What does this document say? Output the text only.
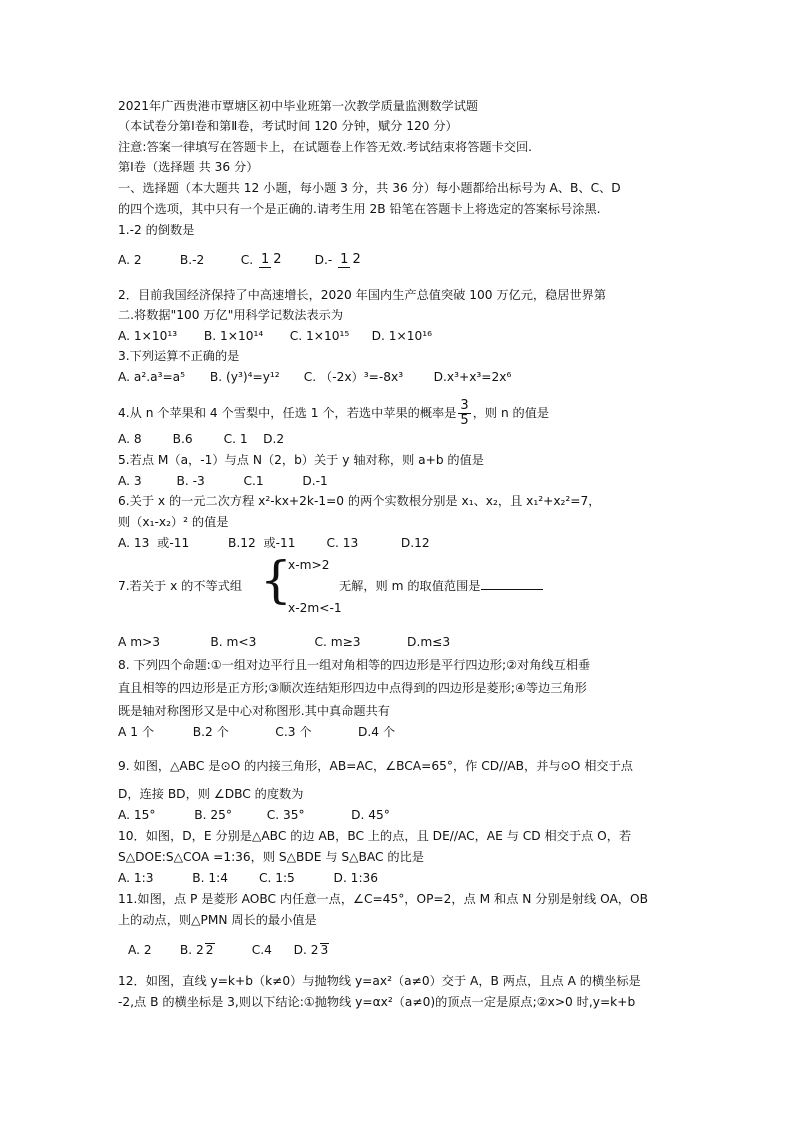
2021年广西贵港市覃塘区初中毕业班第一次教学质量监测数学试题
（本试卷分第Ⅰ卷和第Ⅱ卷，考试时间 120 分钟，赋分 120 分）
注意:答案一律填写在答题卡上，在试题卷上作答无效.考试结束将答题卡交回.
第Ⅰ卷（选择题 共 36 分）
一、选择题（本大题共 12 小题，每小题 3 分，共 36 分）每小题都给出标号为 A、B、C、D
的四个选项，其中只有一个是正确的.请考生用 2B 铅笔在答题卡上将选定的答案标号涂黑.
1.-2 的倒数是
A. 2	B.-2	C. 1 2	D.- 1 2
2．目前我国经济保持了中高速增长，2020 年国内生产总值突破 100 万亿元，稳居世界第
二.将数据"100 万亿"用科学记数法表示为
A. 1×10¹³ B. 1×10¹⁴ C. 1×10¹⁵ D. 1×10¹⁶
3.下列运算不正确的是
A. a².a³=a⁵ B. (y³)⁴=y¹² C. （-2x）³=-8x³	D.x³+x³=2x⁶
4.从 n 个苹果和 4 个雪梨中，任选 1 个，若选中苹果的概率是 $\frac{3}{5}$ ，则 n 的值是
A. 8        B.6        C. 1    D.2
5.若点 M（a，-1）与点 N（2，b）关于 y 轴对称，则 a+b 的值是
A. 3         B. -3          C.1          D.-1
6.关于 x 的一元二次方程 x²-kx+2k-1=0 的两个实数根分别是 x₁、x₂，且 x₁²+x₂²=7，
则（x₁-x₂）² 的值是
A. 13  或-11          B.12  或-11        C. 13           D.12
7.若关于 x 的不等式组 {
x-m>2
x-2m<-1
无解，则 m 的取值范围是
A m>3             B. m<3               C. m≥3            D.m≤3
8. 下列四个命题:①一组对边平行且一组对角相等的四边形是平行四边形;②对角线互相垂
直且相等的四边形是正方形;③顺次连结矩形四边中点得到的四边形是菱形;④等边三角形
既是轴对称图形又是中心对称图形.其中真命题共有
A 1 个          B.2 个            C.3 个            D.4 个
9. 如图，△ABC 是⊙O 的内接三角形，AB=AC，∠BCA=65°，作 CD//AB，并与⊙O 相交于点
D，连接 BD，则 ∠DBC 的度数为
A. 15°          B. 25°         C. 35°            D. 45°
10．如图，D，E 分别是△ABC 的边 AB，BC 上的点，且 DE//AC，AE 与 CD 相交于点 O，若
S△DOE:S△COA =1:36，则 S△BDE 与 S△BAC 的比是
A. 1:3          B. 1:4        C. 1:5          D. 1:36
11.如图，点 P 是菱形 AOBC 内任意一点，∠C=45°，OP=2，点 M 和点 N 分别是射线 OA，OB
上的动点，则△PMN 周长的最小值是
A. 2 B. 2 2	C.4 D. 2 3
12．如图，直线 y=k+b（k≠0）与抛物线 y=ax²（a≠0）交于 A，B 两点，且点 A 的横坐标是
-2,点 B 的横坐标是 3,则以下结论:①抛物线 y=αx²（a≠0)的顶点一定是原点;②x>0 时,y=k+b
